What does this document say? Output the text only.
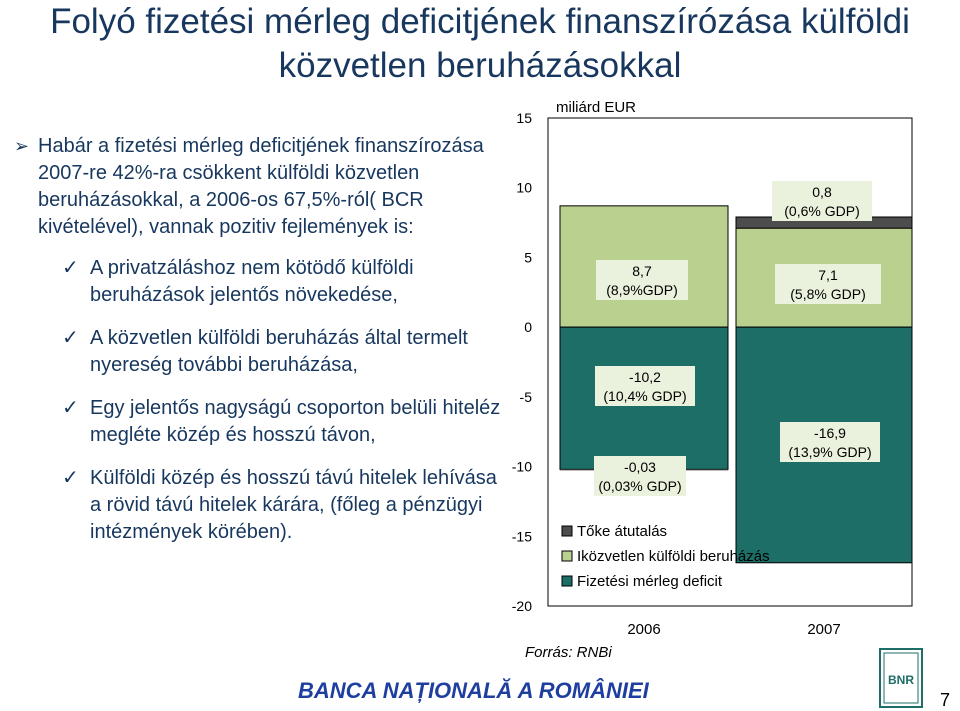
Folyó fizetési mérleg deficitjének finanszírózása külföldi közvetlen beruházásokkal
➢ Habár a fizetési mérleg deficitjének finanszírozása 2007-re 42%-ra csökkent külföldi közvetlen beruházásokkal, a 2006-os 67,5%-ról( BCR kivételével), vannak pozitiv fejlemények is:
✓ A privatzáláshoz nem kötödő külföldi beruházások jelentős növekedése,
✓ A közvetlen külföldi beruházás által termelt nyereség további beruházása,
✓ Egy jelentős nagyságú csoporton belüli hiteléz megléte közép és hosszú távon,
✓ Külföldi közép és hosszú távú hitelek lehívása a rövid távú hitelek kárára, (főleg a pénzügyi intézmények körében).
15
10
5
0
-5
-10
-15
-20
miliárd EUR
8,7
(8,9%GDP)
0,8
(0,6% GDP)
7,1
(5,8% GDP)
-10,2
(10,4% GDP)
-0,03
(0,03% GDP)
-16,9
(13,9% GDP)
Tőke átutalás
Iközvetlen külföldi beruházás
Fizetési mérleg deficit
2006	2007
Forrás: RNBi
BANCA NAȚIONALĂ A ROMÂNIEI	BNR
7
